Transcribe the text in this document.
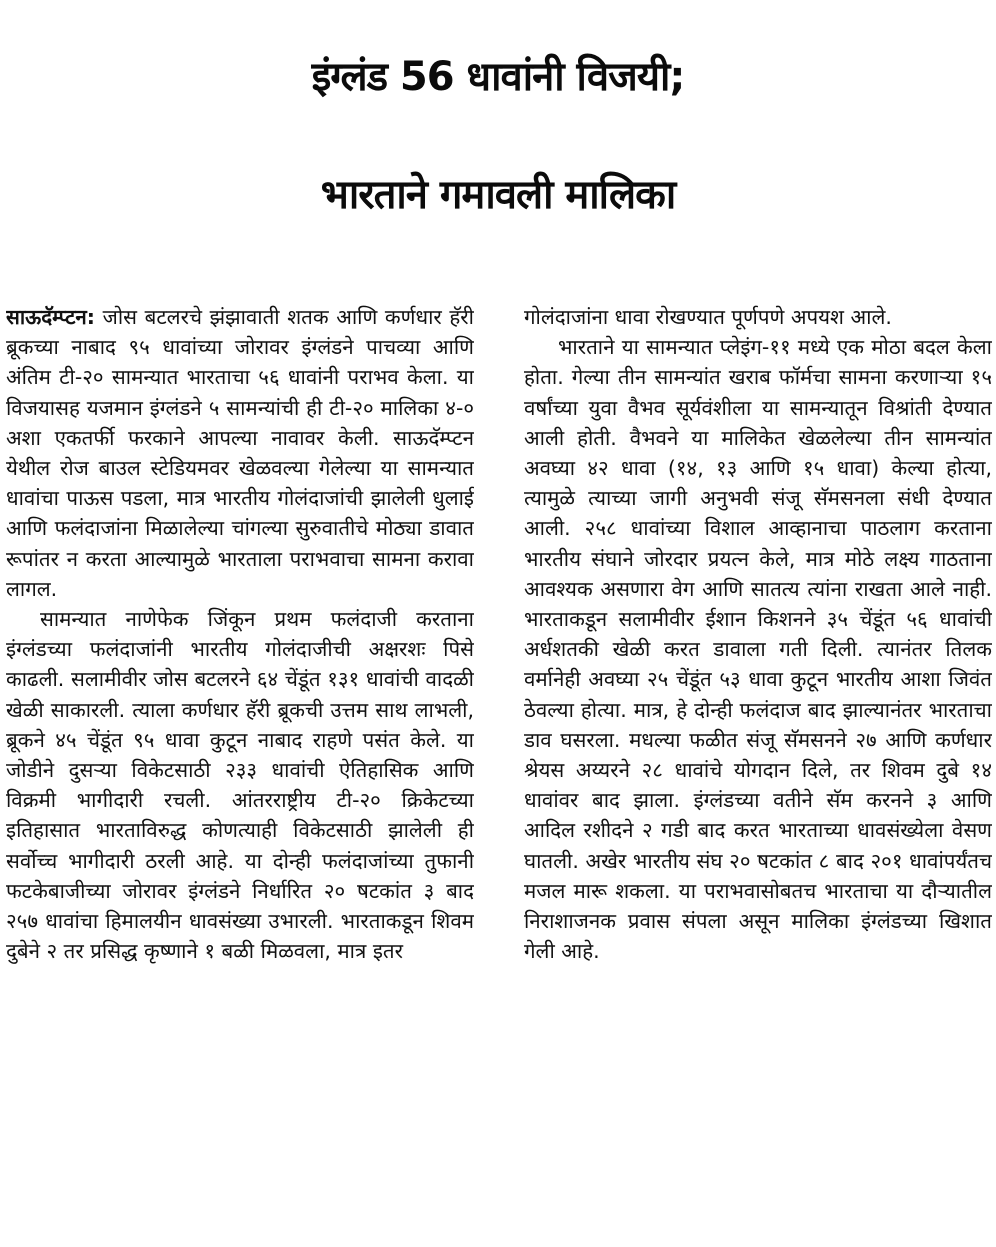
इंग्लंड 56 धावांनी विजयी;
भारताने गमावली मालिका

साऊदॅम्प्टन: जोस बटलरचे झंझावाती शतक आणि कर्णधार हॅरी ब्रूकच्या नाबाद ९५ धावांच्या जोरावर इंग्लंडने पाचव्या आणि अंतिम टी-२० सामन्यात भारताचा ५६ धावांनी पराभव केला. या विजयासह यजमान इंग्लंडने ५ सामन्यांची ही टी-२० मालिका ४-० अशा एकतर्फी फरकाने आपल्या नावावर केली. साऊदॅम्प्टन येथील रोज बाउल स्टेडियमवर खेळवल्या गेलेल्या या सामन्यात धावांचा पाऊस पडला, मात्र भारतीय गोलंदाजांची झालेली धुलाई आणि फलंदाजांना मिळालेल्या चांगल्या सुरुवातीचे मोठ्या डावात रूपांतर न करता आल्यामुळे भारताला पराभवाचा सामना करावा लागल.

सामन्यात नाणेफेक जिंकून प्रथम फलंदाजी करताना इंग्लंडच्या फलंदाजांनी भारतीय गोलंदाजीची अक्षरशः पिसे काढली. सलामीवीर जोस बटलरने ६४ चेंडूंत १३१ धावांची वादळी खेळी साकारली. त्याला कर्णधार हॅरी ब्रूकची उत्तम साथ लाभली, ब्रूकने ४५ चेंडूंत ९५ धावा कुटून नाबाद राहणे पसंत केले. या जोडीने दुसऱ्या विकेटसाठी २३३ धावांची ऐतिहासिक आणि विक्रमी भागीदारी रचली. आंतरराष्ट्रीय टी-२० क्रिकेटच्या इतिहासात भारताविरुद्ध कोणत्याही विकेटसाठी झालेली ही सर्वोच्च भागीदारी ठरली आहे. या दोन्ही फलंदाजांच्या तुफानी फटकेबाजीच्या जोरावर इंग्लंडने निर्धारित २० षटकांत ३ बाद २५७ धावांचा हिमालयीन धावसंख्या उभारली. भारताकडून शिवम दुबेने २ तर प्रसिद्ध कृष्णाने १ बळी मिळवला, मात्र इतर

गोलंदाजांना धावा रोखण्यात पूर्णपणे अपयश आले.

भारताने या सामन्यात प्लेइंग-११ मध्ये एक मोठा बदल केला होता. गेल्या तीन सामन्यांत खराब फॉर्मचा सामना करणाऱ्या १५ वर्षांच्या युवा वैभव सूर्यवंशीला या सामन्यातून विश्रांती देण्यात आली होती. वैभवने या मालिकेत खेळलेल्या तीन सामन्यांत अवघ्या ४२ धावा (१४, १३ आणि १५ धावा) केल्या होत्या, त्यामुळे त्याच्या जागी अनुभवी संजू सॅमसनला संधी देण्यात आली. २५८ धावांच्या विशाल आव्हानाचा पाठलाग करताना भारतीय संघाने जोरदार प्रयत्न केले, मात्र मोठे लक्ष्य गाठताना आवश्यक असणारा वेग आणि सातत्य त्यांना राखता आले नाही. भारताकडून सलामीवीर ईशान किशनने ३५ चेंडूंत ५६ धावांची अर्धशतकी खेळी करत डावाला गती दिली. त्यानंतर तिलक वर्मानेही अवघ्या २५ चेंडूंत ५३ धावा कुटून भारतीय आशा जिवंत ठेवल्या होत्या. मात्र, हे दोन्ही फलंदाज बाद झाल्यानंतर भारताचा डाव घसरला. मधल्या फळीत संजू सॅमसनने २७ आणि कर्णधार श्रेयस अय्यरने २८ धावांचे योगदान दिले, तर शिवम दुबे १४ धावांवर बाद झाला. इंग्लंडच्या वतीने सॅम करनने ३ आणि आदिल रशीदने २ गडी बाद करत भारताच्या धावसंख्येला वेसण घातली. अखेर भारतीय संघ २० षटकांत ८ बाद २०१ धावांपर्यंतच मजल मारू शकला. या पराभवासोबतच भारताचा या दौऱ्यातील निराशाजनक प्रवास संपला असून मालिका इंग्लंडच्या खिशात गेली आहे.
